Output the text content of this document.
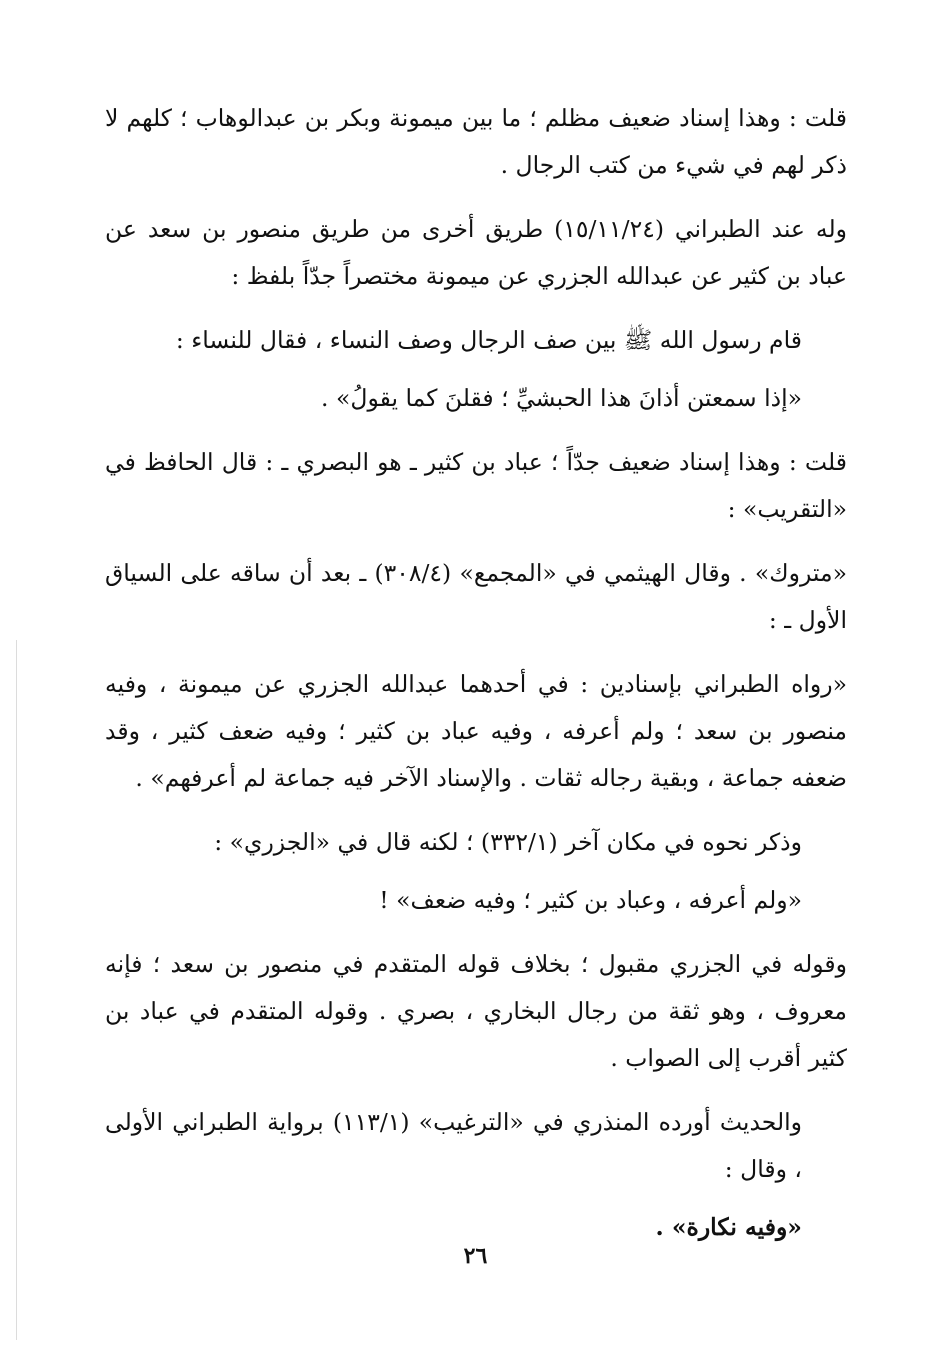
قلت : وهذا إسناد ضعيف مظلم ؛ ما بين ميمونة وبكر بن عبدالوهاب ؛ كلهم لا ذكر لهم في شيء من كتب الرجال .

وله عند الطبراني (١٥/١١/٢٤) طريق أخرى من طريق منصور بن سعد عن عباد بن كثير عن عبدالله الجزري عن ميمونة مختصراً جدّاً بلفظ :

قام رسول الله ﷺ بين صف الرجال وصف النساء ، فقال للنساء :

«إذا سمعتن أذانَ هذا الحبشيِّ ؛ فقلنَ كما يقولُ» .

قلت : وهذا إسناد ضعيف جدّاً ؛ عباد بن كثير ـ هو البصري ـ : قال الحافظ في «التقريب» :

«متروك» . وقال الهيثمي في «المجمع» (٣٠٨/٤) ـ بعد أن ساقه على السياق الأول ـ :

«رواه الطبراني بإسنادين : في أحدهما عبدالله الجزري عن ميمونة ، وفيه منصور بن سعد ؛ ولم أعرفه ، وفيه عباد بن كثير ؛ وفيه ضعف كثير ، وقد ضعفه جماعة ، وبقية رجاله ثقات . والإسناد الآخر فيه جماعة لم أعرفهم» .

وذكر نحوه في مكان آخر (٣٣٢/١) ؛ لكنه قال في «الجزري» :

«ولم أعرفه ، وعباد بن كثير ؛ وفيه ضعف» !

وقوله في الجزري مقبول ؛ بخلاف قوله المتقدم في منصور بن سعد ؛ فإنه معروف ، وهو ثقة من رجال البخاري ، بصري . وقوله المتقدم في عباد بن كثير أقرب إلى الصواب .

والحديث أورده المنذري في «الترغيب» (١١٣/١) برواية الطبراني الأولى ، وقال :

«وفيه نكارة» .

٢٦
